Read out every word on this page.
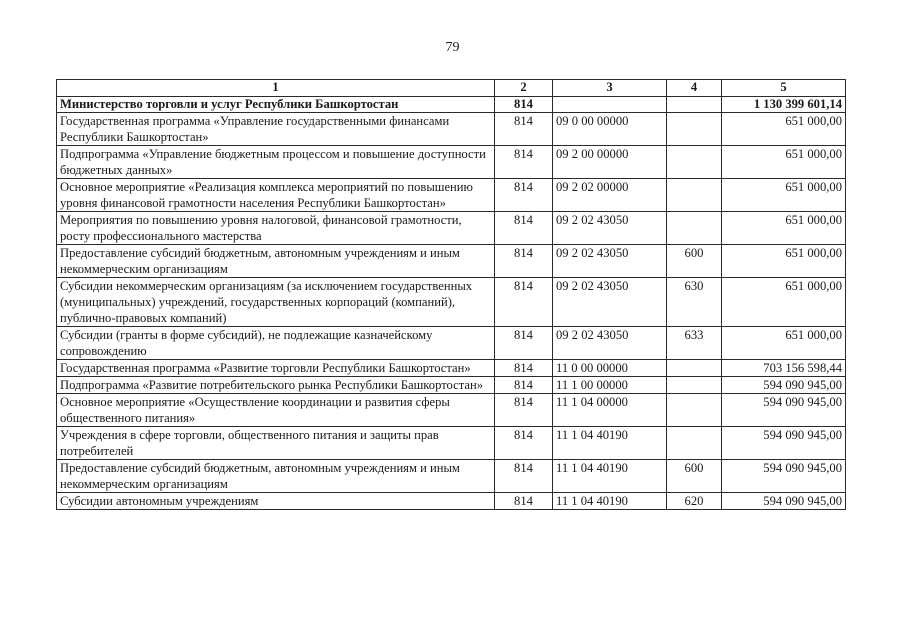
79
1	2	3	4	5
Министерство торговли и услуг Республики Башкортостан	814			1 130 399 601,14
Государственная программа «Управление государственными финансами Республики Башкортостан»	814	09 0 00 00000		651 000,00
Подпрограмма «Управление бюджетным процессом и повышение доступности бюджетных данных»	814	09 2 00 00000		651 000,00
Основное мероприятие «Реализация комплекса мероприятий по повышению уровня финансовой грамотности населения Республики Башкортостан»	814	09 2 02 00000		651 000,00
Мероприятия по повышению уровня налоговой, финансовой грамотности, росту профессионального мастерства	814	09 2 02 43050		651 000,00
Предоставление субсидий бюджетным, автономным учреждениям и иным некоммерческим организациям	814	09 2 02 43050	600	651 000,00
Субсидии некоммерческим организациям (за исключением государственных (муниципальных) учреждений, государственных корпораций (компаний), публично-правовых компаний)	814	09 2 02 43050	630	651 000,00
Субсидии (гранты в форме субсидий), не подлежащие казначейскому сопровождению	814	09 2 02 43050	633	651 000,00
Государственная программа «Развитие торговли Республики Башкортостан»	814	11 0 00 00000		703 156 598,44
Подпрограмма «Развитие потребительского рынка Республики Башкортостан»	814	11 1 00 00000		594 090 945,00
Основное мероприятие «Осуществление координации и развития сферы общественного питания»	814	11 1 04 00000		594 090 945,00
Учреждения в сфере торговли, общественного питания и защиты прав потребителей	814	11 1 04 40190		594 090 945,00
Предоставление субсидий бюджетным, автономным учреждениям и иным некоммерческим организациям	814	11 1 04 40190	600	594 090 945,00
Субсидии автономным учреждениям	814	11 1 04 40190	620	594 090 945,00
